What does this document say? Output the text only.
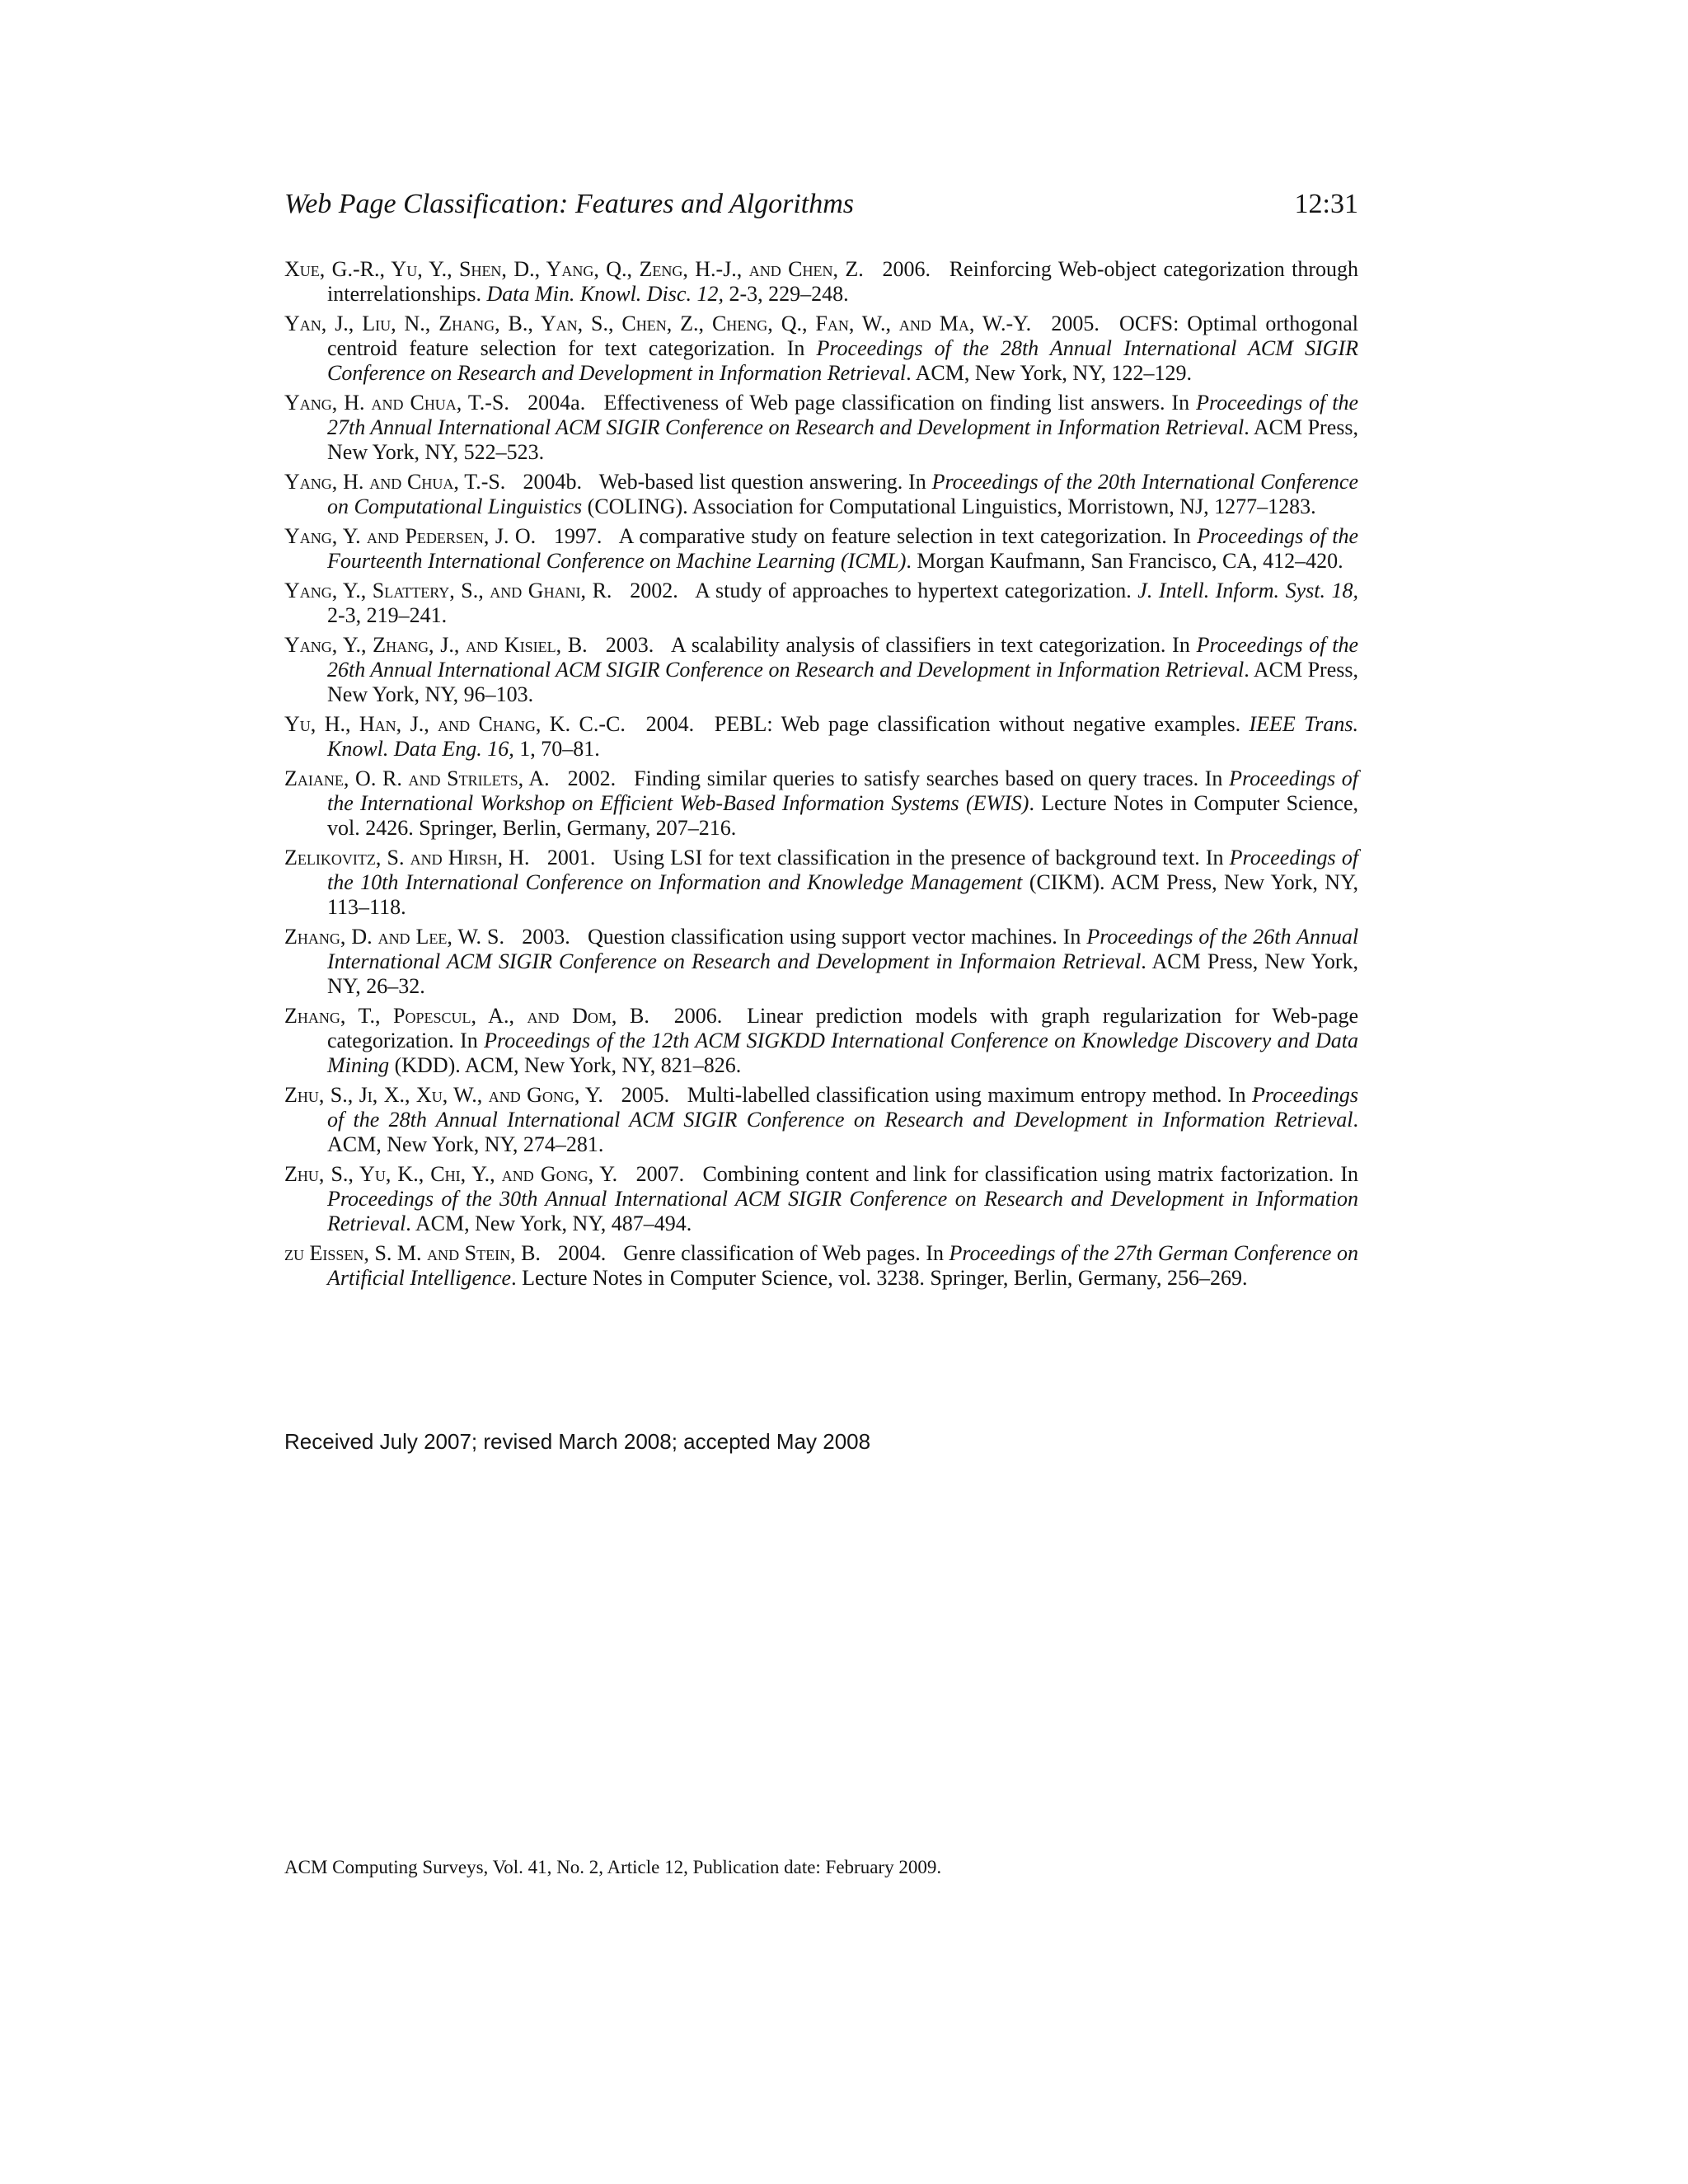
Web Page Classification: Features and Algorithms	12:31
Xue, G.-R., Yu, Y., Shen, D., Yang, Q., Zeng, H.-J., and Chen, Z. 2006. Reinforcing Web-object categorization through interrelationships. Data Min. Knowl. Disc. 12, 2-3, 229–248.
Yan, J., Liu, N., Zhang, B., Yan, S., Chen, Z., Cheng, Q., Fan, W., and Ma, W.-Y. 2005. OCFS: Optimal orthogonal centroid feature selection for text categorization. In Proceedings of the 28th Annual International ACM SIGIR Conference on Research and Development in Information Retrieval. ACM, New York, NY, 122–129.
Yang, H. and Chua, T.-S. 2004a. Effectiveness of Web page classification on finding list answers. In Proceedings of the 27th Annual International ACM SIGIR Conference on Research and Development in Information Retrieval. ACM Press, New York, NY, 522–523.
Yang, H. and Chua, T.-S. 2004b. Web-based list question answering. In Proceedings of the 20th International Conference on Computational Linguistics (COLING). Association for Computational Linguistics, Morristown, NJ, 1277–1283.
Yang, Y. and Pedersen, J. O. 1997. A comparative study on feature selection in text categorization. In Proceedings of the Fourteenth International Conference on Machine Learning (ICML). Morgan Kaufmann, San Francisco, CA, 412–420.
Yang, Y., Slattery, S., and Ghani, R. 2002. A study of approaches to hypertext categorization. J. Intell. Inform. Syst. 18, 2-3, 219–241.
Yang, Y., Zhang, J., and Kisiel, B. 2003. A scalability analysis of classifiers in text categorization. In Proceedings of the 26th Annual International ACM SIGIR Conference on Research and Development in Information Retrieval. ACM Press, New York, NY, 96–103.
Yu, H., Han, J., and Chang, K. C.-C. 2004. PEBL: Web page classification without negative examples. IEEE Trans. Knowl. Data Eng. 16, 1, 70–81.
Zaiane, O. R. and Strilets, A. 2002. Finding similar queries to satisfy searches based on query traces. In Proceedings of the International Workshop on Efficient Web-Based Information Systems (EWIS). Lecture Notes in Computer Science, vol. 2426. Springer, Berlin, Germany, 207–216.
Zelikovitz, S. and Hirsh, H. 2001. Using LSI for text classification in the presence of background text. In Proceedings of the 10th International Conference on Information and Knowledge Management (CIKM). ACM Press, New York, NY, 113–118.
Zhang, D. and Lee, W. S. 2003. Question classification using support vector machines. In Proceedings of the 26th Annual International ACM SIGIR Conference on Research and Development in Informaion Retrieval. ACM Press, New York, NY, 26–32.
Zhang, T., Popescul, A., and Dom, B. 2006. Linear prediction models with graph regularization for Web-page categorization. In Proceedings of the 12th ACM SIGKDD International Conference on Knowledge Discovery and Data Mining (KDD). ACM, New York, NY, 821–826.
Zhu, S., Ji, X., Xu, W., and Gong, Y. 2005. Multi-labelled classification using maximum entropy method. In Proceedings of the 28th Annual International ACM SIGIR Conference on Research and Development in Information Retrieval. ACM, New York, NY, 274–281.
Zhu, S., Yu, K., Chi, Y., and Gong, Y. 2007. Combining content and link for classification using matrix factorization. In Proceedings of the 30th Annual International ACM SIGIR Conference on Research and Development in Information Retrieval. ACM, New York, NY, 487–494.
zu Eissen, S. M. and Stein, B. 2004. Genre classification of Web pages. In Proceedings of the 27th German Conference on Artificial Intelligence. Lecture Notes in Computer Science, vol. 3238. Springer, Berlin, Germany, 256–269.
Received July 2007; revised March 2008; accepted May 2008
ACM Computing Surveys, Vol. 41, No. 2, Article 12, Publication date: February 2009.
